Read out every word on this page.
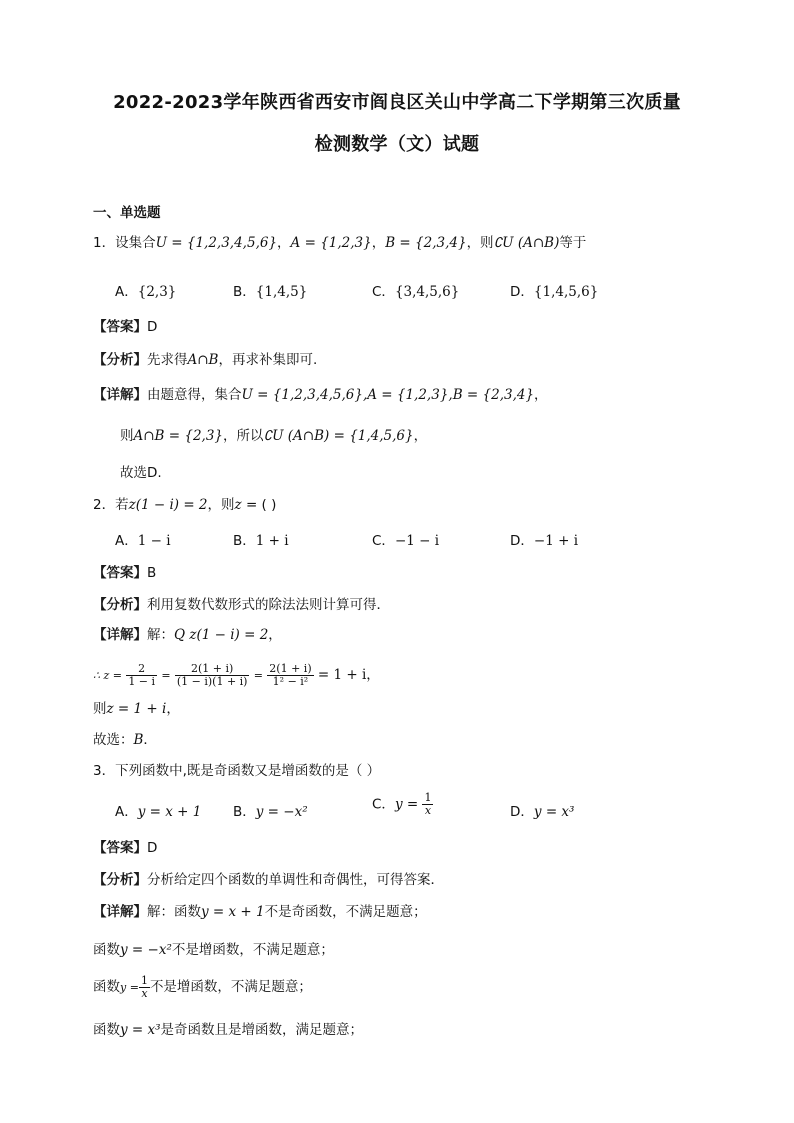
2022-2023学年陕西省西安市阎良区关山中学高二下学期第三次质量
检测数学（文）试题
一、单选题
1．设集合U = {1,2,3,4,5,6}，A = {1,2,3}，B = {2,3,4}，则∁U (A∩B)等于
A．{2,3}	B．{1,4,5}	C．{3,4,5,6}	D．{1,4,5,6}
【答案】D
【分析】先求得A∩B，再求补集即可.
【详解】由题意得，集合U = {1,2,3,4,5,6},A = {1,2,3},B = {2,3,4}，
则A∩B = {2,3}，所以∁U (A∩B) = {1,4,5,6}，
故选D.
2．若z(1 − i) = 2，则z = ( )
A．1 − i	B．1 + i	C．−1 − i	D．−1 + i
【答案】B
【分析】利用复数代数形式的除法法则计算可得．
【详解】解：Q z(1 − i) = 2，
∴ $z = \frac{2}{1 - i} = \frac{2(1 + i)}{(1 - i)(1 + i)} = \frac{2(1 + i)}{\text{1² − i²}} = 1 + i$，
则z = 1 + i，
故选：B．
3．下列函数中,既是奇函数又是增函数的是（ ）
A．y = x + 1 B．y = −x²	C．$y = \frac{1}{x}$	D．y = x³
【答案】D
【分析】分析给定四个函数的单调性和奇偶性，可得答案．
【详解】解：函数y = x + 1不是奇函数，不满足题意；
函数y = −x²不是增函数，不满足题意；
函数$y = \frac{1}{x}$ 不是增函数，不满足题意；
函数y = x³是奇函数且是增函数，满足题意；
